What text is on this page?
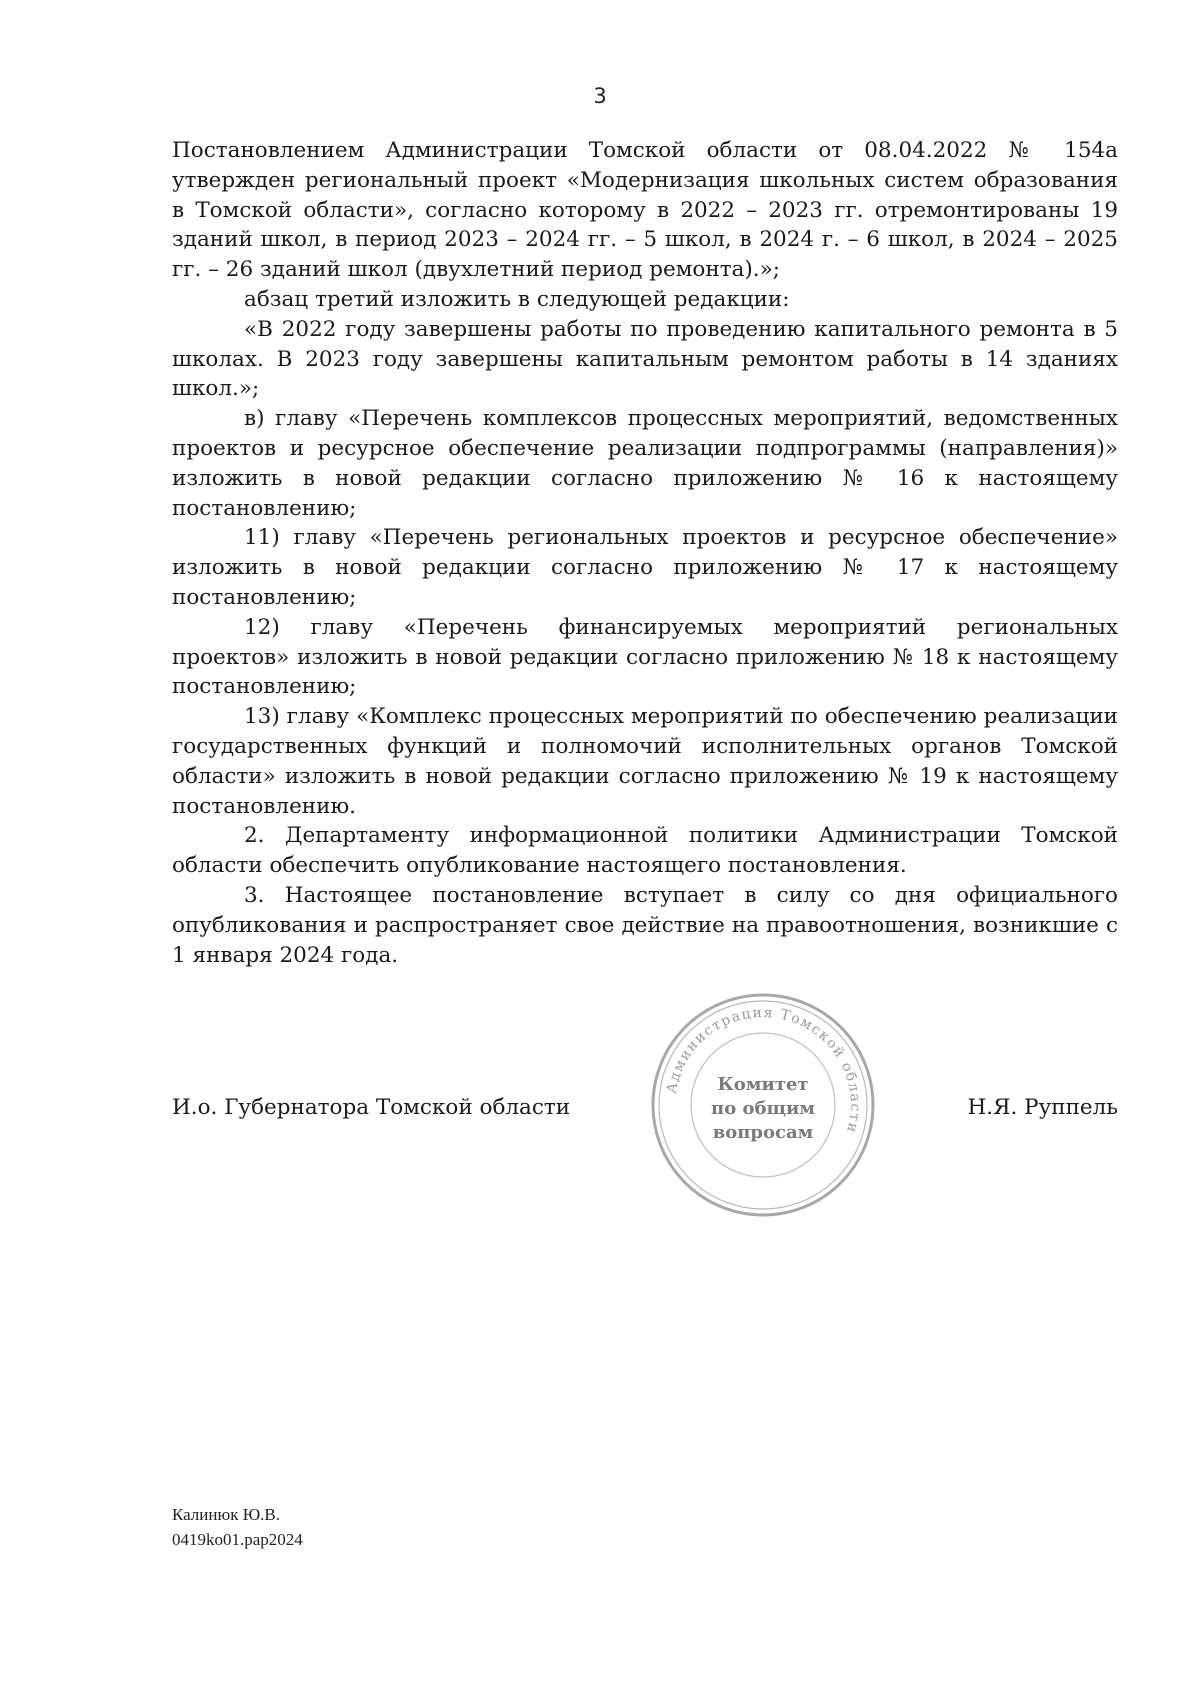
3

Постановлением Администрации Томской области от 08.04.2022 № 154а утвержден региональный проект «Модернизация школьных систем образования в Томской области», согласно которому в 2022 – 2023 гг. отремонтированы 19 зданий школ, в период 2023 – 2024 гг. – 5 школ, в 2024 г. – 6 школ, в 2024 – 2025 гг. – 26 зданий школ (двухлетний период ремонта).»;

абзац третий изложить в следующей редакции:

«В 2022 году завершены работы по проведению капитального ремонта в 5 школах. В 2023 году завершены капитальным ремонтом работы в 14 зданиях школ.»;

в) главу «Перечень комплексов процессных мероприятий, ведомственных проектов и ресурсное обеспечение реализации подпрограммы (направления)» изложить в новой редакции согласно приложению № 16 к настоящему постановлению;

11) главу «Перечень региональных проектов и ресурсное обеспечение» изложить в новой редакции согласно приложению № 17 к настоящему постановлению;

12) главу «Перечень финансируемых мероприятий региональных проектов» изложить в новой редакции согласно приложению № 18 к настоящему постановлению;

13) главу «Комплекс процессных мероприятий по обеспечению реализации государственных функций и полномочий исполнительных органов Томской области» изложить в новой редакции согласно приложению № 19 к настоящему постановлению.

2. Департаменту информационной политики Администрации Томской области обеспечить опубликование настоящего постановления.

3. Настоящее постановление вступает в силу со дня официального опубликования и распространяет свое действие на правоотношения, возникшие с 1 января 2024 года.

И.о. Губернатора Томской области
Администрация Томской области
Комитет
по общим
вопросам
Н.Я. Руппель
Калинюк Ю.В.
0419ko01.pap2024
